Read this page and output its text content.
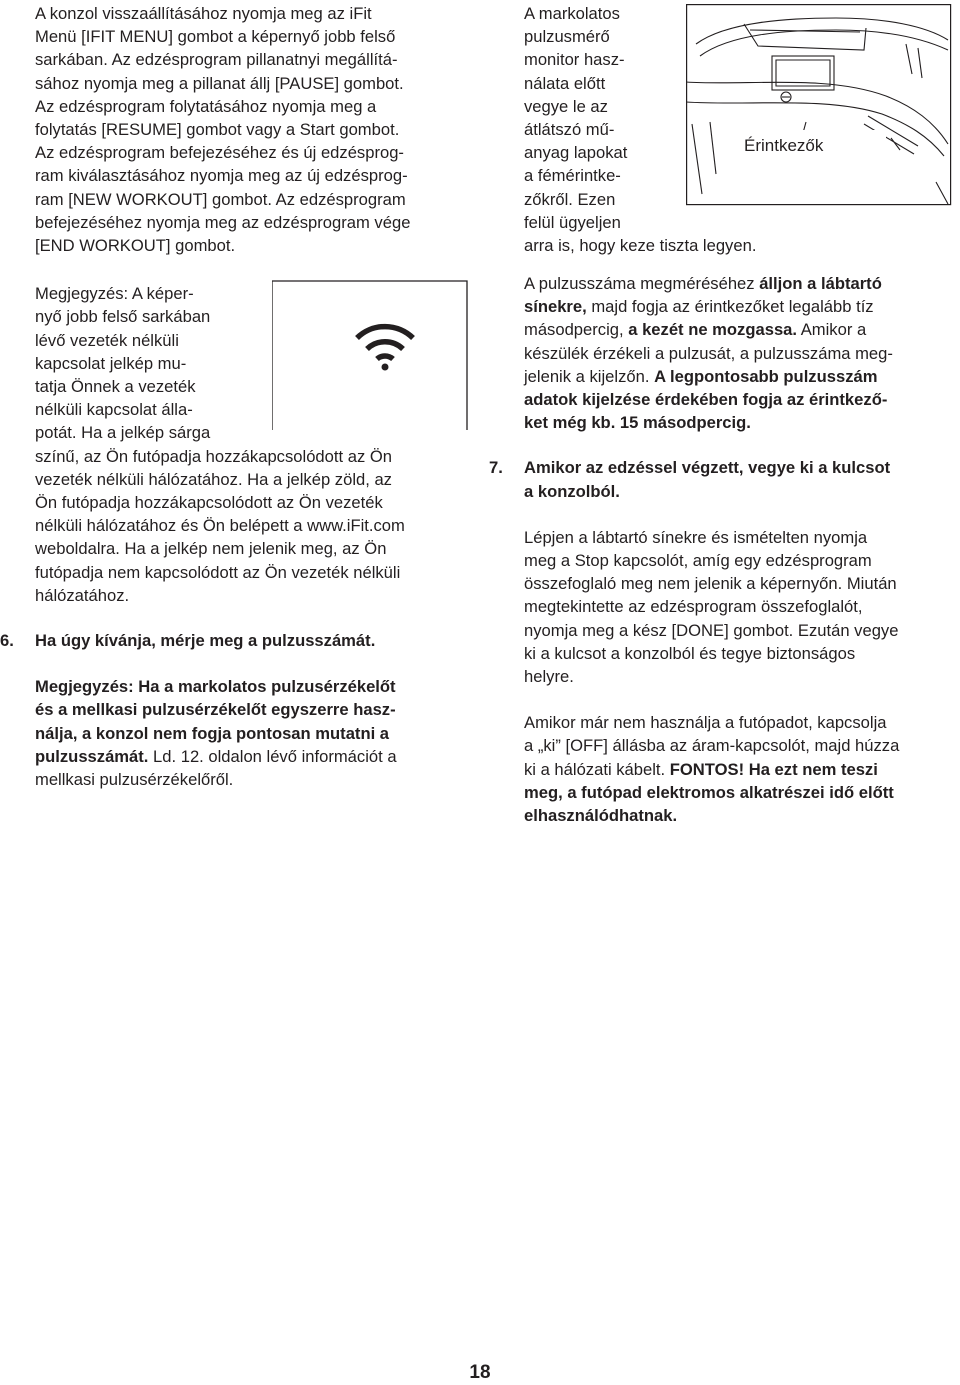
A konzol visszaállításához nyomja meg az iFit

Menü [IFIT MENU] gombot a képernyő jobb felső

sarkában. Az edzésprogram pillanatnyi megállítá-

sához nyomja meg a pillanat állj [PAUSE] gombot.

Az edzésprogram folytatásához nyomja meg a

folytatás [RESUME] gombot vagy a Start gombot.

Az edzésprogram befejezéséhez és új edzésprog-

ram kiválasztásához nyomja meg az új edzésprog-

ram [NEW WORKOUT] gombot. Az edzésprogram

befejezéséhez nyomja meg az edzésprogram vége

[END WORKOUT] gombot.

Megjegyzés: A képer-

nyő jobb felső sarkában

lévő vezeték nélküli

kapcsolat jelkép mu-

tatja Önnek a vezeték

nélküli kapcsolat álla-

potát. Ha a jelkép sárga

színű, az Ön futópadja hozzákapcsolódott az Ön

vezeték nélküli hálózatához. Ha a jelkép zöld, az

Ön futópadja hozzákapcsolódott az Ön vezeték

nélküli hálózatához és Ön belépett a www.iFit.com

weboldalra. Ha a jelkép nem jelenik meg, az Ön

futópadja nem kapcsolódott az Ön vezeték nélküli

hálózatához.

6.	Ha úgy kívánja, mérje meg a pulzusszámát.

Megjegyzés: Ha a markolatos pulzusérzékelőt

és a mellkasi pulzusérzékelőt egyszerre hasz-

nálja, a konzol nem fogja pontosan mutatni a

pulzusszámát. Ld. 12. oldalon lévő információt a

mellkasi pulzusérzékelőről.

A markolatos

pulzusmérő

monitor hasz-

nálata előtt

vegye le az

átlátszó mű-

anyag lapokat

a fémérintke-

zőkről. Ezen

felül ügyeljen

arra is, hogy keze tiszta legyen.

Érintkezők

A pulzusszáma megméréséhez álljon a lábtartó

sínekre, majd fogja az érintkezőket legalább tíz

másodpercig, a kezét ne mozgassa. Amikor a

készülék érzékeli a pulzusát, a pulzusszáma meg-

jelenik a kijelzőn. A legpontosabb pulzusszám

adatok kijelzése érdekében fogja az érintkező-

ket még kb. 15 másodpercig.

7.	Amikor az edzéssel végzett, vegye ki a kulcsot
a konzolból.

Lépjen a lábtartó sínekre és ismételten nyomja

meg a Stop kapcsolót, amíg egy edzésprogram

összefoglaló meg nem jelenik a képernyőn. Miután

megtekintette az edzésprogram összefoglalót,

nyomja meg a kész [DONE] gombot. Ezután vegye

ki a kulcsot a konzolból és tegye biztonságos

helyre.

Amikor már nem használja a futópadot, kapcsolja

a „ki” [OFF] állásba az áram-kapcsolót, majd húzza

ki a hálózati kábelt. FONTOS! Ha ezt nem teszi

meg, a futópad elektromos alkatrészei idő előtt

elhasználódhatnak.

18
